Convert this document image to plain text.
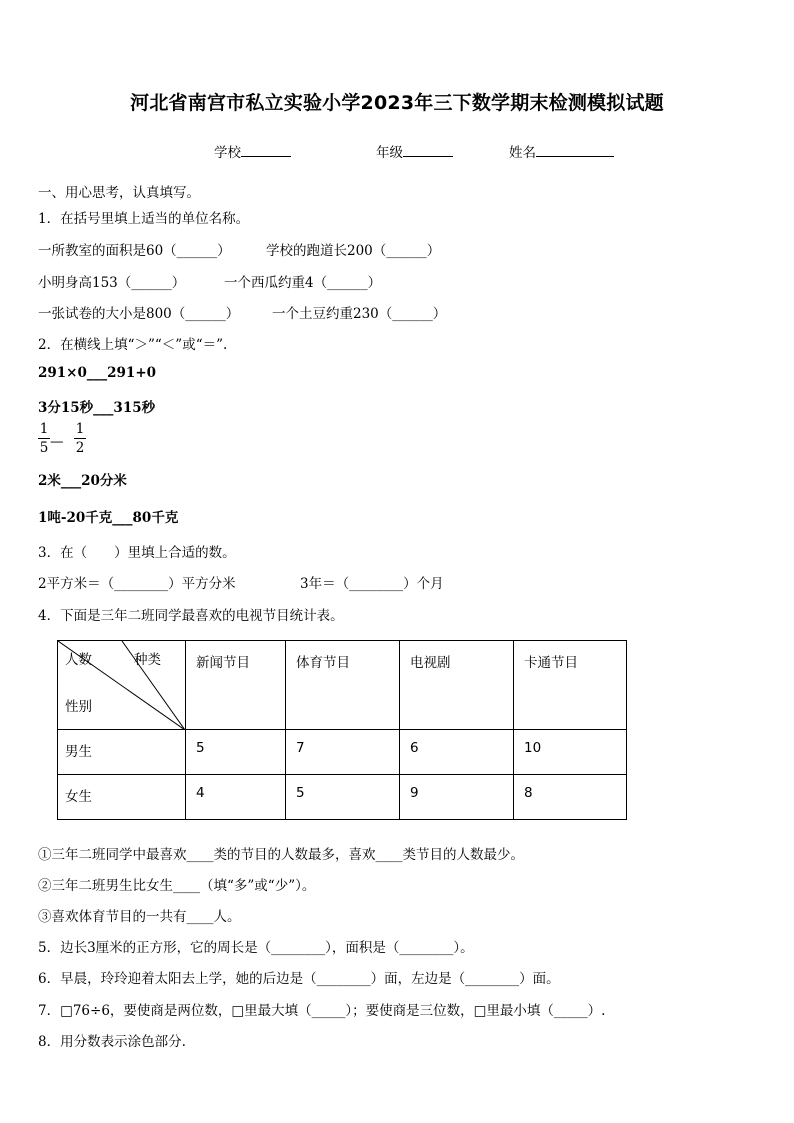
河北省南宫市私立实验小学2023年三下数学期末检测模拟试题
学校	年级	姓名
一、用心思考，认真填写。
1．在括号里填上适当的单位名称。
一所教室的面积是60（______）	学校的跑道长200（______）
小明身高153（______）	一个西瓜约重4（______）
一张试卷的大小是800（______） 一个土豆约重230（______）
2．在横线上填“＞”“＜”或“＝”.
291×0___291+0
3分15秒___315秒
1
5 —
1
2
2米___20分米
1吨-20千克___80千克
3．在（　　）里填上合适的数。
2平方米＝（________）平方分米	3年＝（________）个月
4．下面是三年二班同学最喜欢的电视节目统计表。
人数 种类
性别	新闻节目	体育节目	电视剧	卡通节目

男生	5	7	6	10

女生	4	5	9	8
①三年二班同学中最喜欢____类的节目的人数最多，喜欢____类节目的人数最少。
②三年二班男生比女生____（填“多”或“少”）。
③喜欢体育节目的一共有____人。
5．边长3厘米的正方形，它的周长是（________），面积是（________）。
6．早晨，玲玲迎着太阳去上学，她的后边是（________）面，左边是（________）面。
7．□76÷6，要使商是两位数，□里最大填（_____）；要使商是三位数，□里最小填（_____）.
8．用分数表示涂色部分.
